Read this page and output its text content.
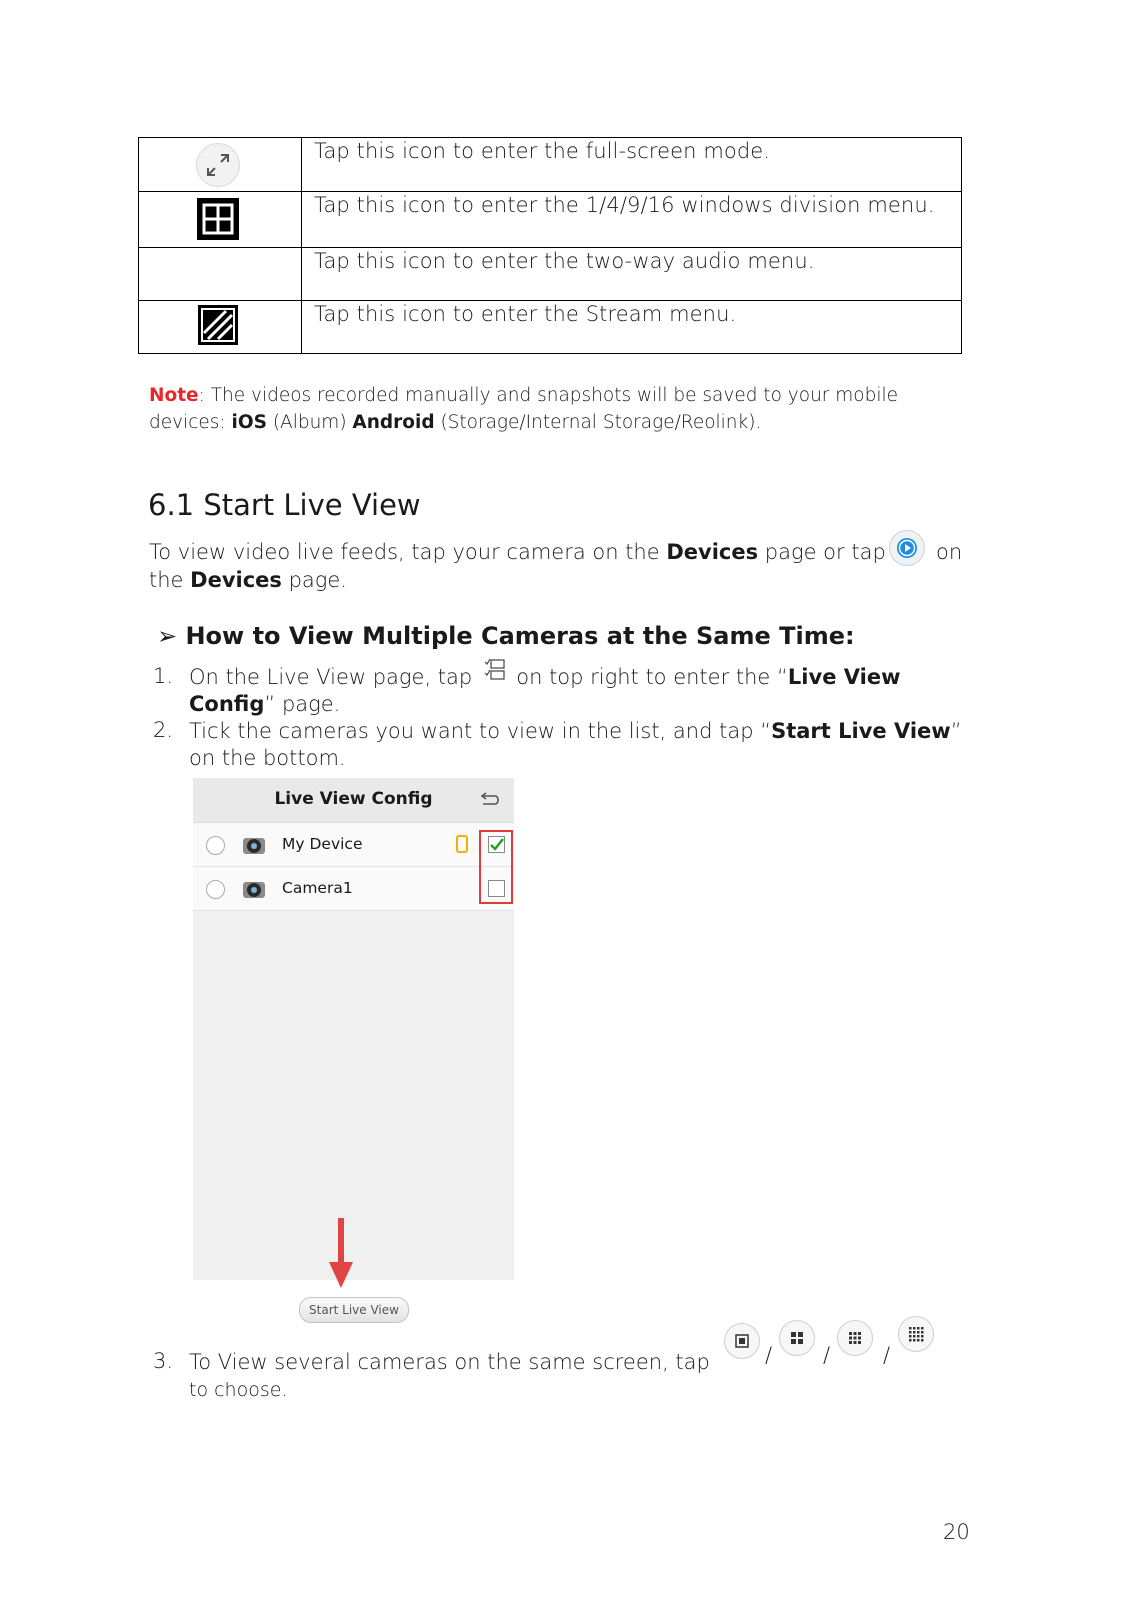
	Tap this icon to enter the full-screen mode.

	Tap this icon to enter the 1/4/9/16 windows division menu.
	Tap this icon to enter the two-way audio menu.

	Tap this icon to enter the Stream menu.
Note: The videos recorded manually and snapshots will be saved to your mobile devices: iOS (Album) Android (Storage/Internal Storage/Reolink).
6.1 Start Live View
To view video live feeds, tap your camera on the Devices page or tap
the Devices page.
on
➢ How to View Multiple Cameras at the Same Time:
1. On the Live View page, tap on top right to enter the “Live View
Config” page.
2. Tick the cameras you want to view in the list, and tap “Start Live View”
on the bottom.
Live View Config
My Device
Camera1
Start Live View
3. To View several cameras on the same screen, tap
to choose.
/ /	/
20
